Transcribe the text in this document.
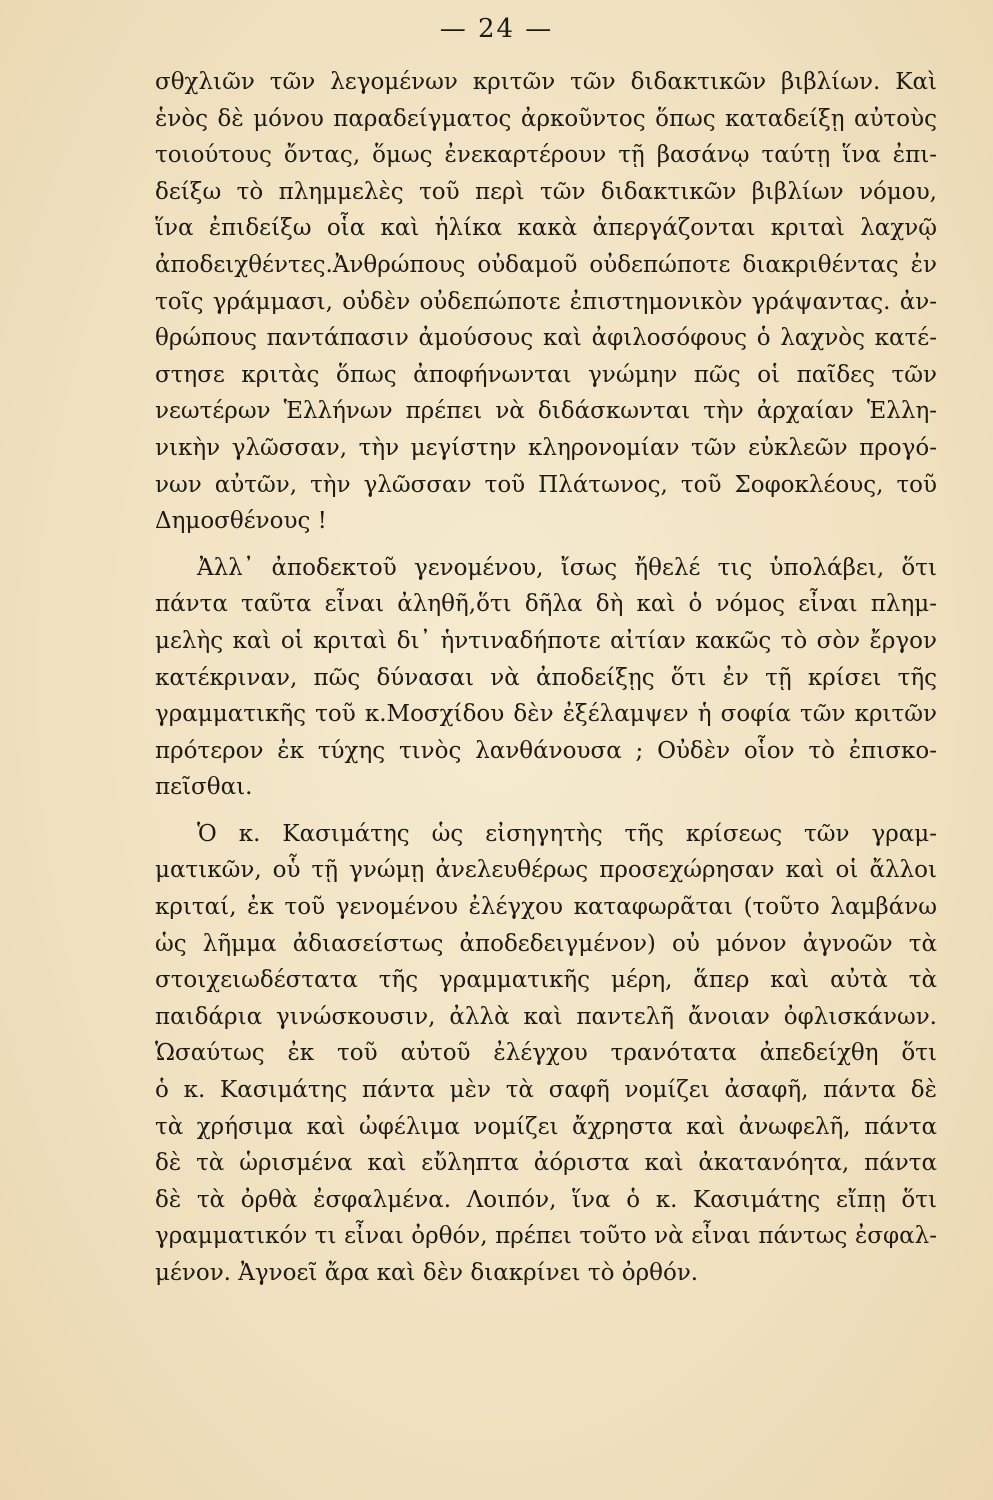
— 24 —
σθχλιῶν τῶν λεγομένων κριτῶν τῶν διδακτικῶν βιβλίων. Καὶ
ἑνὸς δὲ μόνου παραδείγματος ἀρκοῦντος ὅπως καταδείξῃ αὐτοὺς
τοιούτους ὄντας, ὅμως ἐνεκαρτέρουν τῇ βασάνῳ ταύτῃ ἵνα ἐπι-
δείξω τὸ πλημμελὲς τοῦ περὶ τῶν διδακτικῶν βιβλίων νόμου,
ἵνα ἐπιδείξω οἷα καὶ ἡλίκα κακὰ ἀπεργάζονται κριταὶ λαχνῷ
ἀποδειχθέντες.Ἀνθρώπους οὐδαμοῦ οὐδεπώποτε διακριθέντας ἐν
τοῖς γράμμασι, οὐδὲν οὐδεπώποτε ἐπιστημονικὸν γράψαντας. ἀν-
θρώπους παντάπασιν ἀμούσους καὶ ἀφιλοσόφους ὁ λαχνὸς κατέ-
στησε κριτὰς ὅπως ἀποφήνωνται γνώμην πῶς οἱ παῖδες τῶν
νεωτέρων Ἑλλήνων πρέπει νὰ διδάσκωνται τὴν ἀρχαίαν Ἑλλη-
νικὴν γλῶσσαν, τὴν μεγίστην κληρονομίαν τῶν εὐκλεῶν προγό-
νων αὐτῶν, τὴν γλῶσσαν τοῦ Πλάτωνος, τοῦ Σοφοκλέους, τοῦ
Δημοσθένους !
Ἀλλ᾽ ἀποδεκτοῦ γενομένου, ἴσως ἤθελέ τις ὑπολάβει, ὅτι
πάντα ταῦτα εἶναι ἀληθῆ,ὅτι δῆλα δὴ καὶ ὁ νόμος εἶναι πλημ-
μελὴς καὶ οἱ κριταὶ δι᾽ ἡντιναδήποτε αἰτίαν κακῶς τὸ σὸν ἔργον
κατέκριναν, πῶς δύνασαι νὰ ἀποδείξῃς ὅτι ἐν τῇ κρίσει τῆς
γραμματικῆς τοῦ κ.Μοσχίδου δὲν ἐξέλαμψεν ἡ σοφία τῶν κριτῶν
πρότερον ἐκ τύχης τινὸς λανθάνουσα ; Οὐδὲν οἷον τὸ ἐπισκο-
πεῖσθαι.
Ὁ κ. Κασιμάτης ὡς εἰσηγητὴς τῆς κρίσεως τῶν γραμ-
ματικῶν, οὗ τῇ γνώμῃ ἀνελευθέρως προσεχώρησαν καὶ οἱ ἄλλοι
κριταί, ἐκ τοῦ γενομένου ἐλέγχου καταφωρᾶται (τοῦτο λαμβάνω
ὡς λῆμμα ἀδιασείστως ἀποδεδειγμένον) οὐ μόνον ἀγνοῶν τὰ
στοιχειωδέστατα τῆς γραμματικῆς μέρη, ἅπερ καὶ αὐτὰ τὰ
παιδάρια γινώσκουσιν, ἀλλὰ καὶ παντελῆ ἄνοιαν ὀφλισκάνων.
Ὡσαύτως ἐκ τοῦ αὐτοῦ ἐλέγχου τρανότατα ἀπεδείχθη ὅτι
ὁ κ. Κασιμάτης πάντα μὲν τὰ σαφῆ νομίζει ἀσαφῆ, πάντα δὲ
τὰ χρήσιμα καὶ ὠφέλιμα νομίζει ἄχρηστα καὶ ἀνωφελῆ, πάντα
δὲ τὰ ὡρισμένα καὶ εὔληπτα ἀόριστα καὶ ἀκατανόητα, πάντα
δὲ τὰ ὀρθὰ ἐσφαλμένα. Λοιπόν, ἵνα ὁ κ. Κασιμάτης εἴπῃ ὅτι
γραμματικόν τι εἶναι ὀρθόν, πρέπει τοῦτο νὰ εἶναι πάντως ἐσφαλ-
μένον. Ἀγνοεῖ ἄρα καὶ δὲν διακρίνει τὸ ὀρθόν.
